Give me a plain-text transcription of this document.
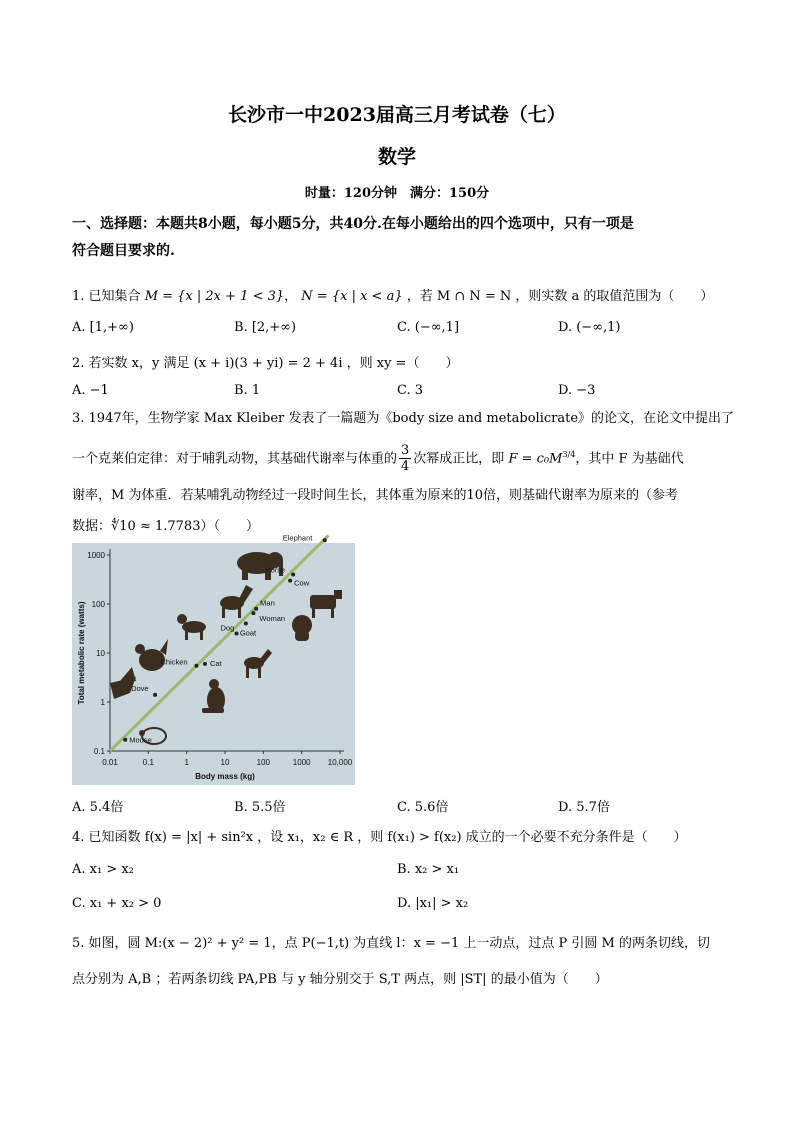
长沙市一中2023届高三月考试卷（七）
数学
时量：120分钟　满分：150分
一、选择题：本题共8小题，每小题5分，共40分.在每小题给出的四个选项中，只有一项是
符合题目要求的.
1. 已知集合 M = {x | 2x + 1 < 3}， N = {x | x < a} ，若 M ∩ N = N ，则实数 a 的取值范围为（　　）
A. [1,+∞)	B. [2,+∞)	C. (−∞,1]	D. (−∞,1)
2. 若实数 x，y 满足 (x + i)(3 + yi) = 2 + 4i ，则 xy =（　　）
A. −1	B. 1	C. 3	D. −3
3. 1947年，生物学家 Max Kleiber 发表了一篇题为《body size and metabolicrate》的论文，在论文中提出了
一个克莱伯定律：对于哺乳动物，其基础代谢率与体重的 $\frac{3}{4}$ 次幂成正比，即 $F = c_0M^{3/4}$，其中 F 为基础代
谢率，M 为体重．若某哺乳动物经过一段时间生长，其体重为原来的10倍，则基础代谢率为原来的（参考
数据：∜10 ≈ 1.7783）（　　）
0.01	0.1	1	10	100	1000 10,000
0.1
1
10
100
1000
Body mass (kg)
Total metabolic rate (watts)
Mouse
Dove
Chicken	Cat
Dog
Goat
Man
Woman
Cow
Horse
Elephant
A. 5.4倍	B. 5.5倍	C. 5.6倍	D. 5.7倍
4. 已知函数 f(x) = |x| + sin²x ，设 x₁，x₂ ∈ R ，则 f(x₁) > f(x₂) 成立的一个必要不充分条件是（　　）
A. x₁ > x₂	B. x₂ > x₁
C. x₁ + x₂ > 0	D. |x₁| > x₂
5. 如图，圆 M:(x − 2)² + y² = 1，点 P(−1,t) 为直线 l：x = −1 上一动点，过点 P 引圆 M 的两条切线，切
点分别为 A,B ；若两条切线 PA,PB 与 y 轴分别交于 S,T 两点，则 |ST| 的最小值为（　　）
